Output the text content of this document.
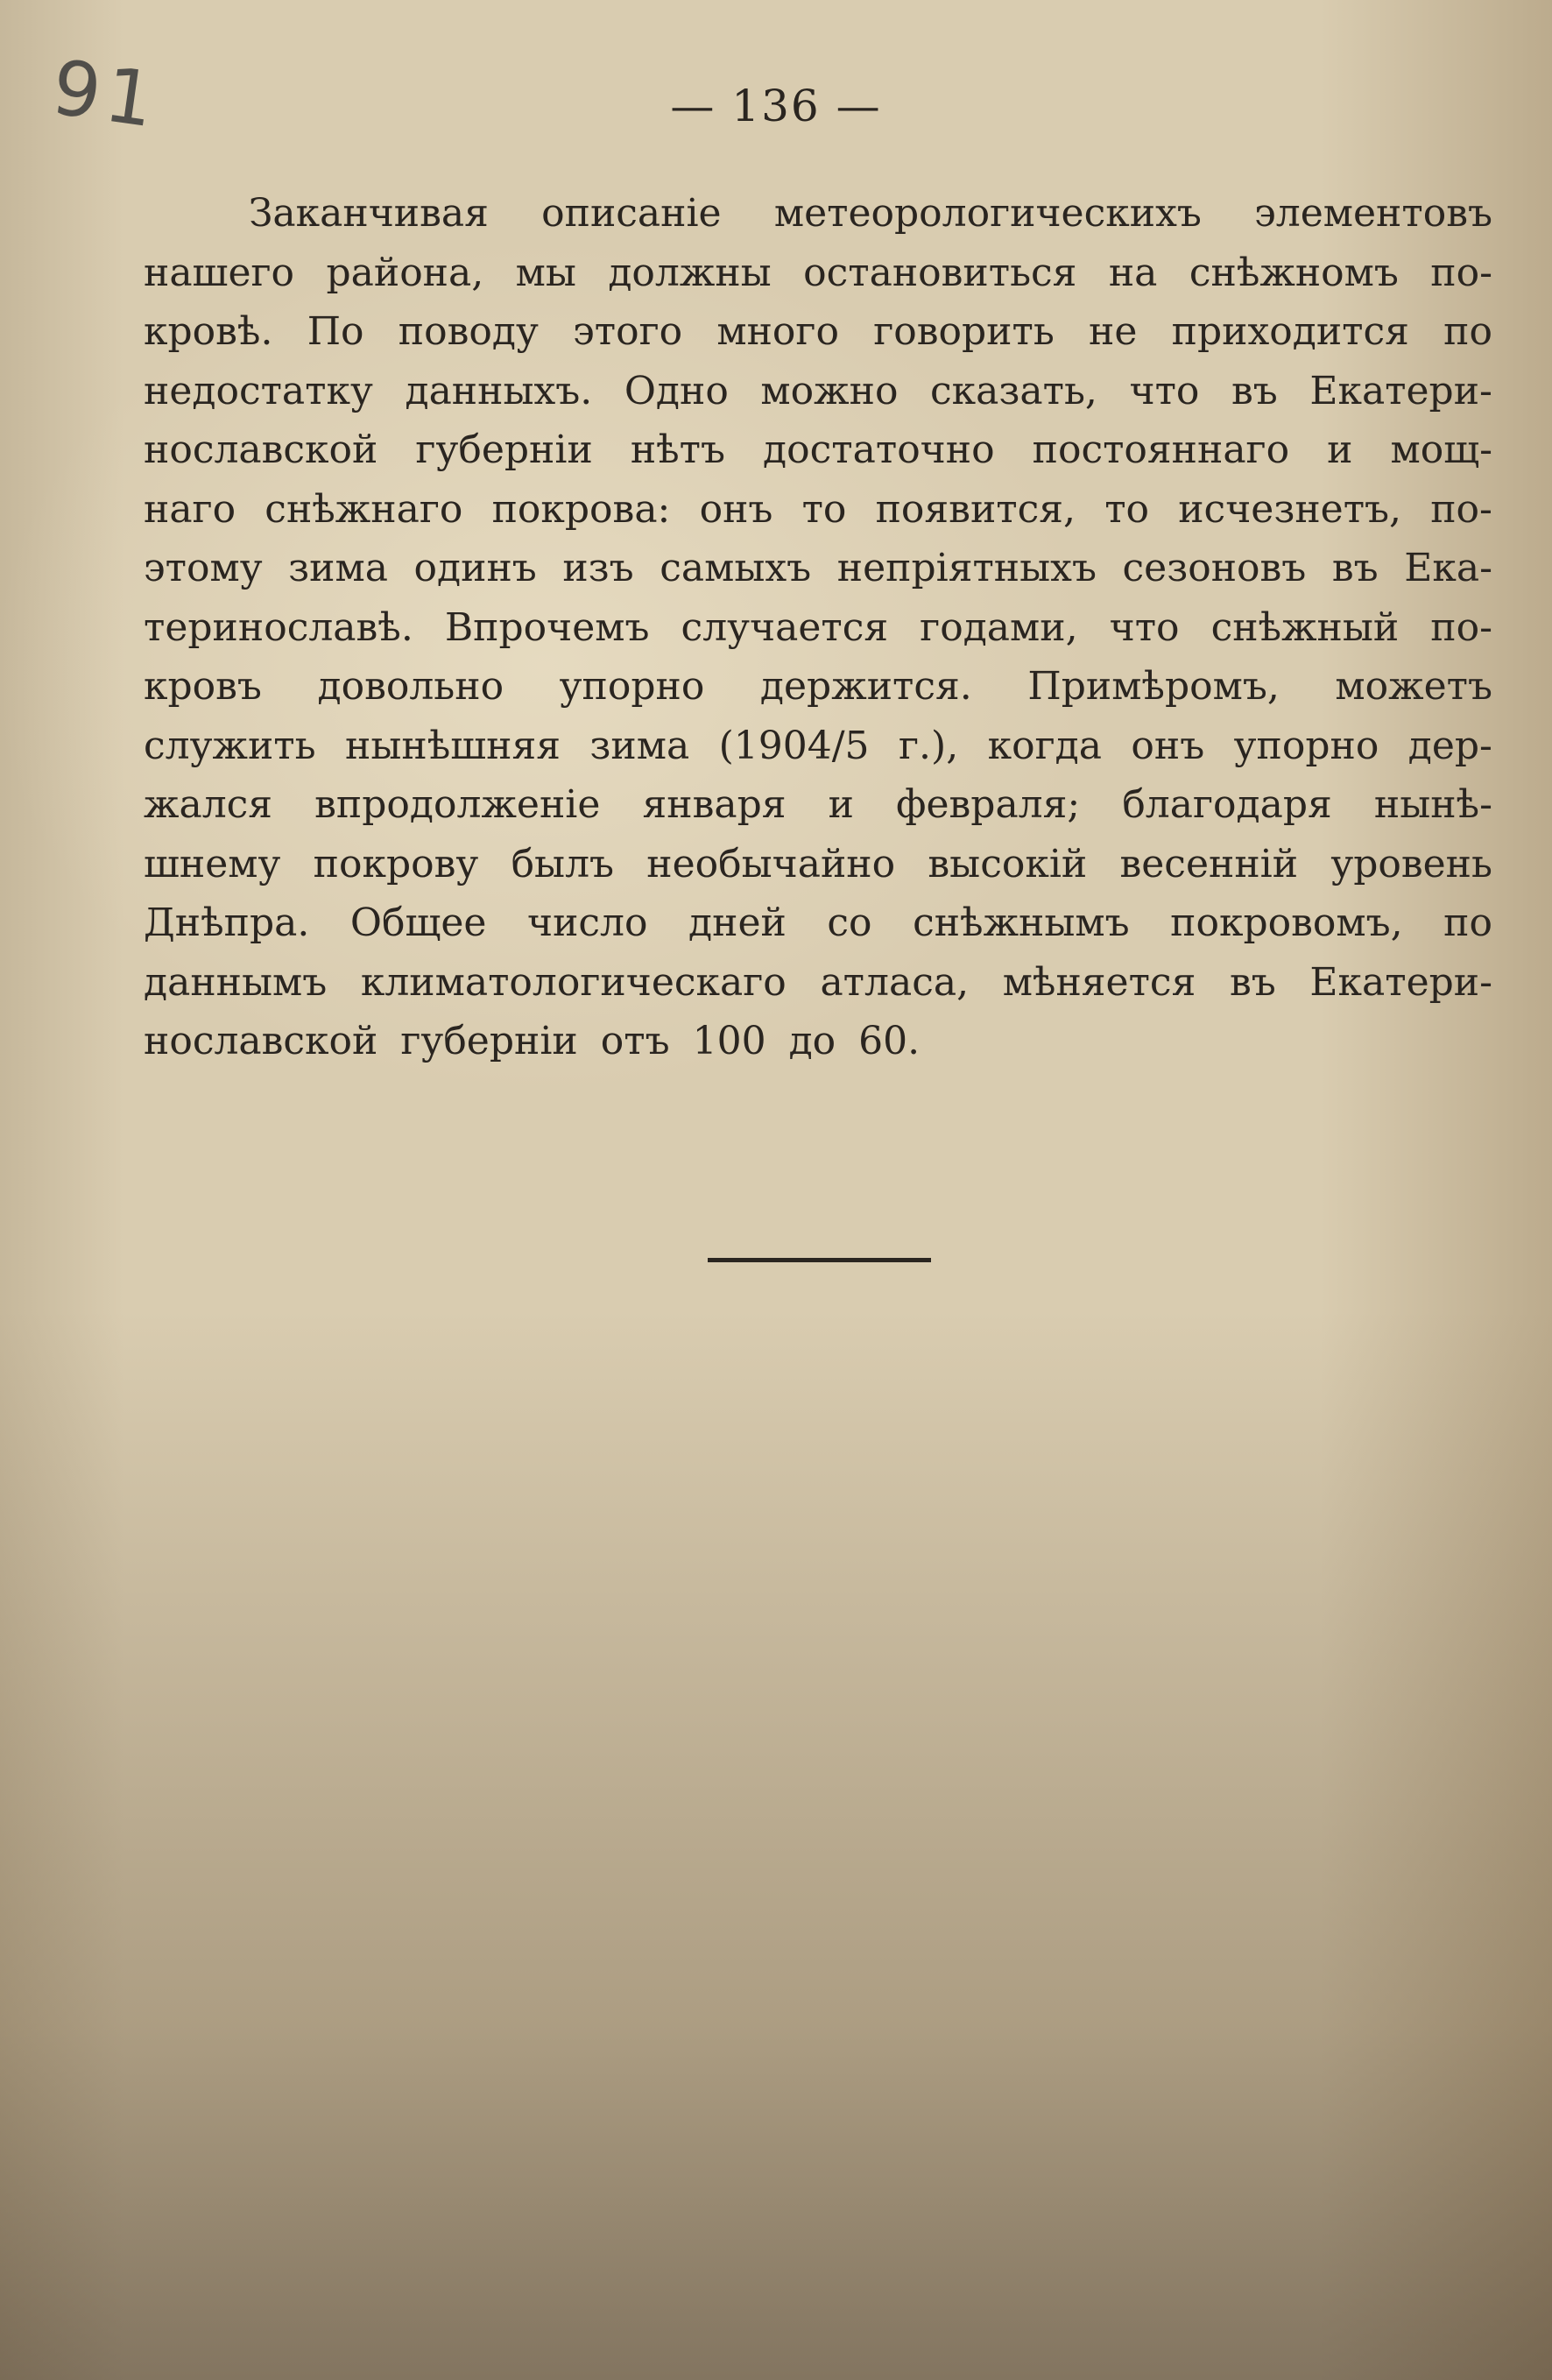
91	— 136 —
Заканчивая описаніе метеорологическихъ элементовъ
нашего района, мы должны остановиться на снѣжномъ по-
кровѣ. По поводу этого много говорить не приходится по
недостатку данныхъ. Одно можно сказать, что въ Екатери-
нославской губерніи нѣтъ достаточно постояннаго и мощ-
наго снѣжнаго покрова: онъ то появится, то исчезнетъ, по-
этому зима одинъ изъ самыхъ непріятныхъ сезоновъ въ Ека-
теринославѣ. Впрочемъ случается годами, что снѣжный по-
кровъ довольно упорно держится. Примѣромъ, можетъ
служить нынѣшняя зима (1904/5 г.), когда онъ упорно дер-
жался впродолженіе января и февраля; благодаря нынѣ-
шнему покрову былъ необычайно высокій весенній уровень
Днѣпра. Общее число дней со снѣжнымъ покровомъ, по
даннымъ климатологическаго атласа, мѣняется въ Екатери-
нославской
губерніи
отъ
100
до
60.
